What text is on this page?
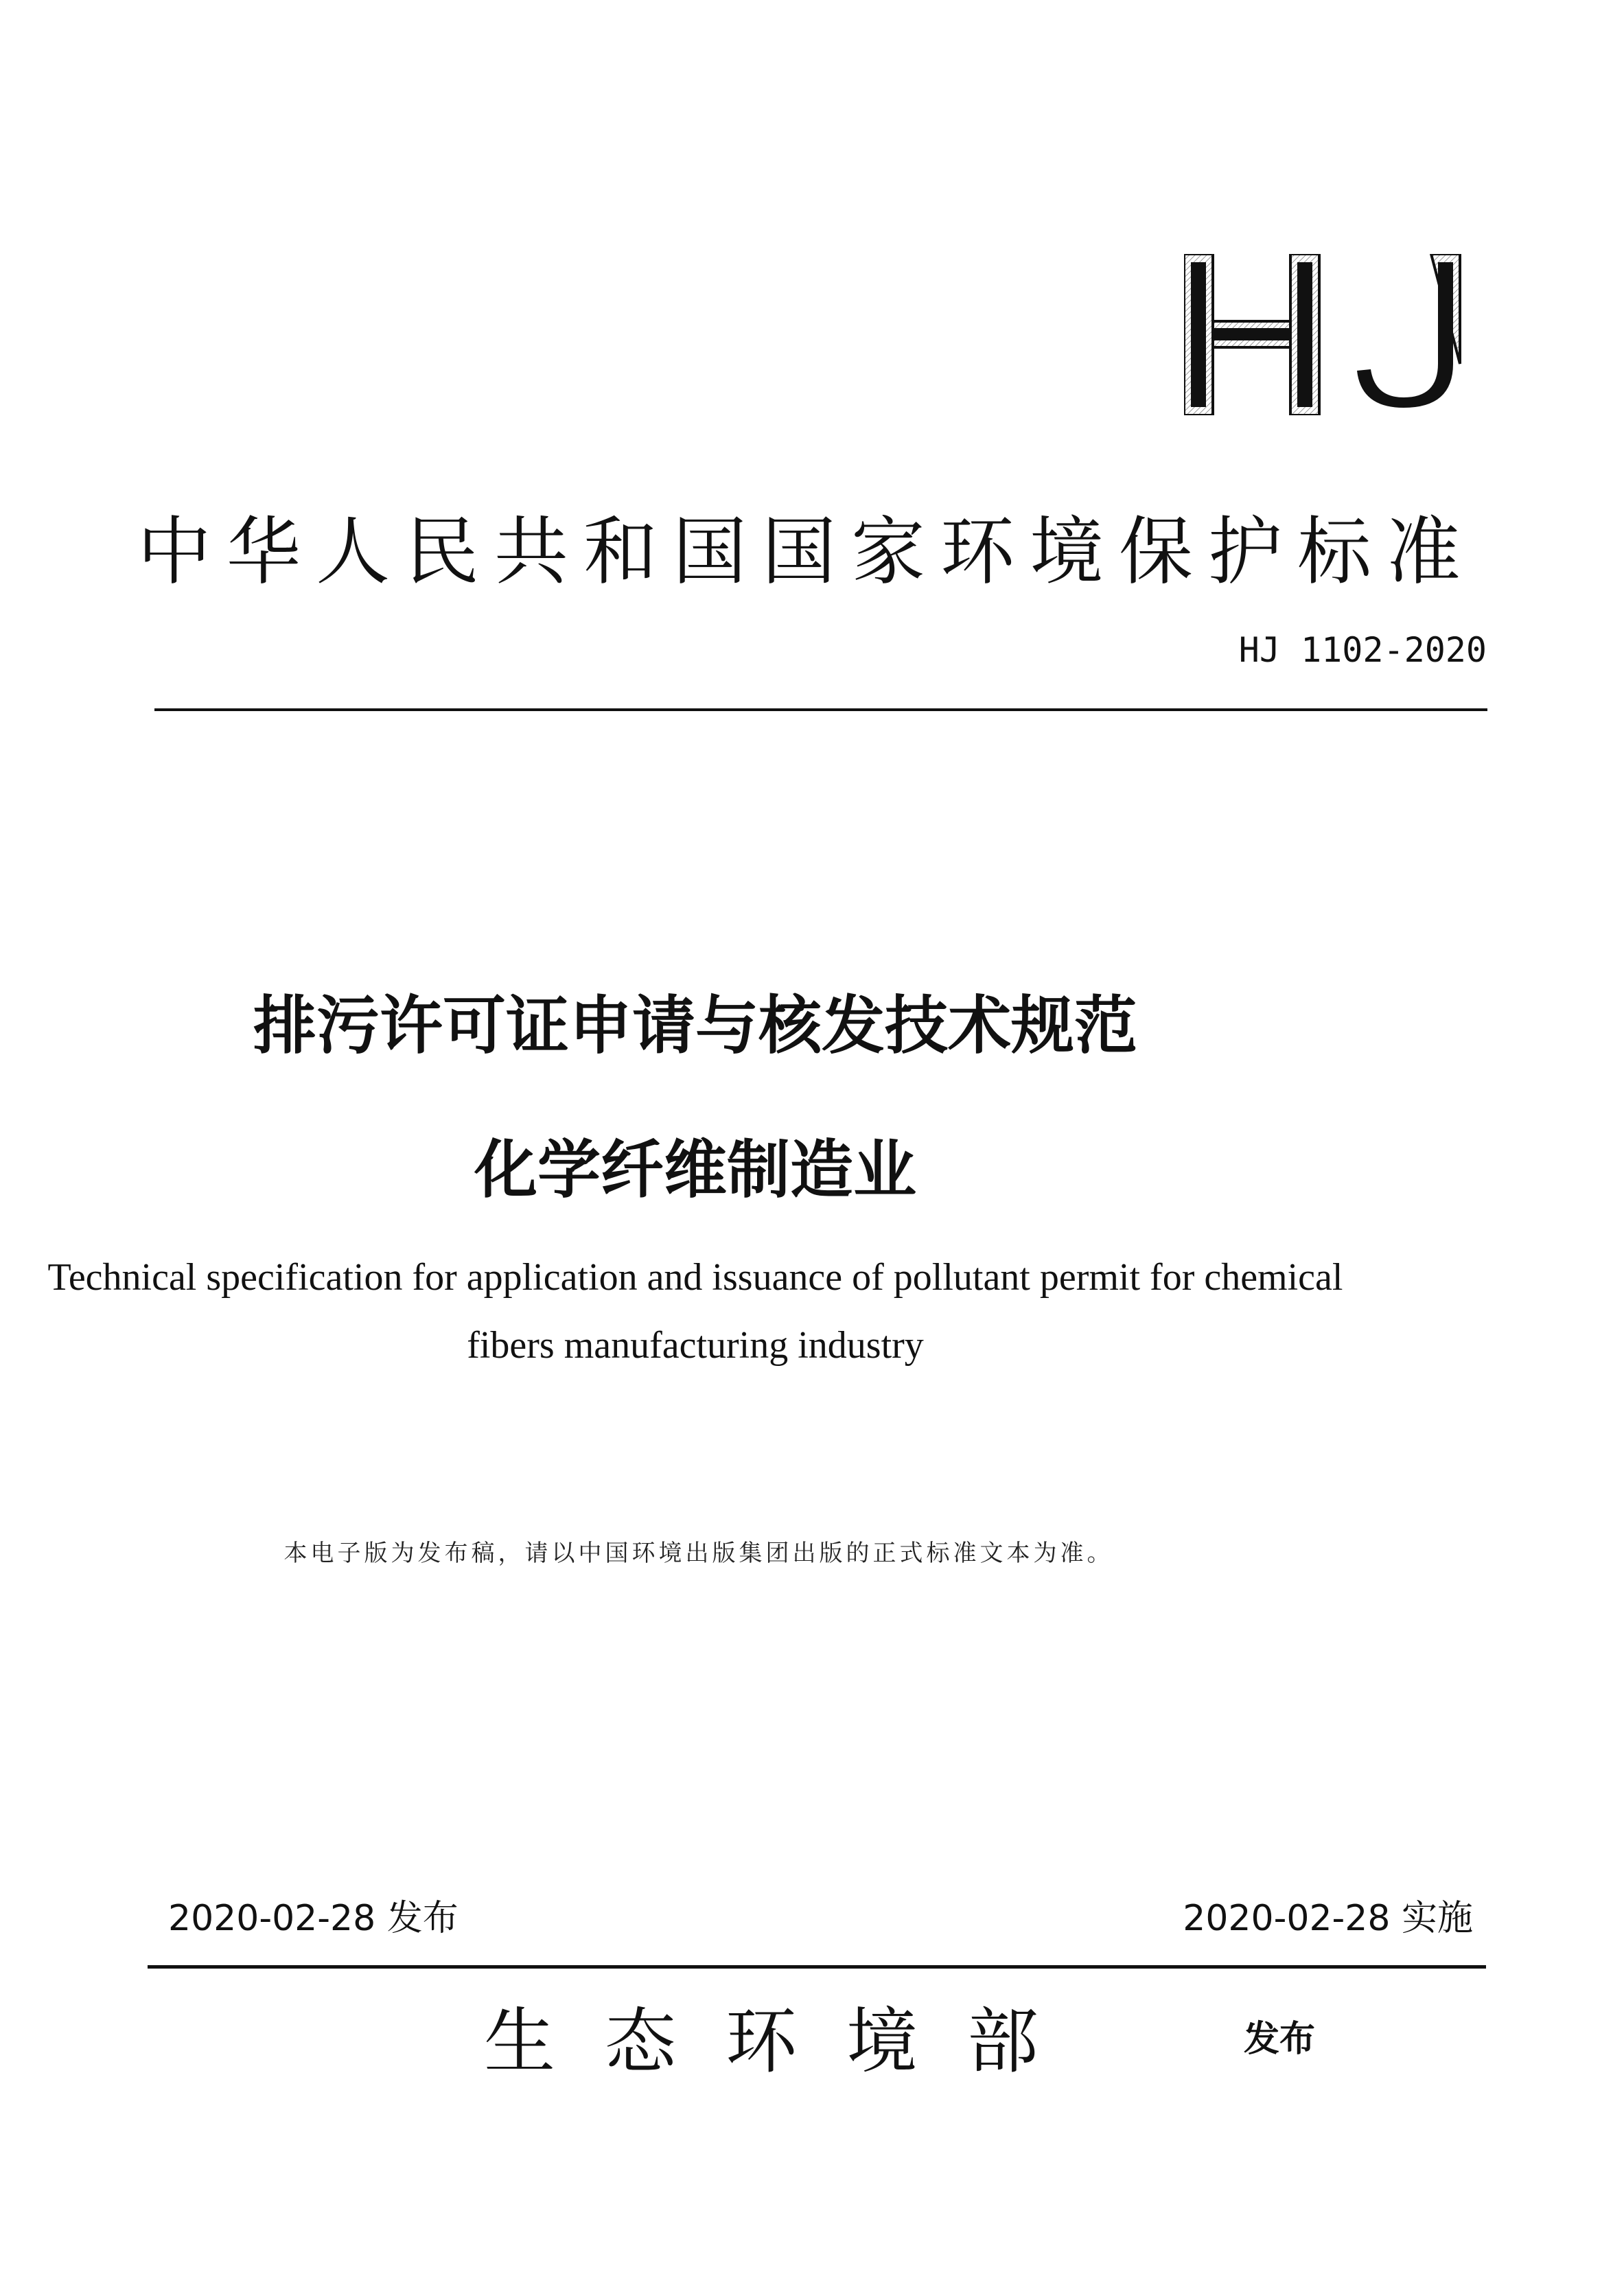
中华人民共和国国家环境保护标准
HJ 1102-2020
排污许可证申请与核发技术规范
化学纤维制造业
Technical specification for application and issuance of pollutant permit for chemical
fibers manufacturing industry
本电子版为发布稿，请以中国环境出版集团出版的正式标准文本为准。
2020-02-28 发布	2020-02-28 实施
生态环境部	发布
